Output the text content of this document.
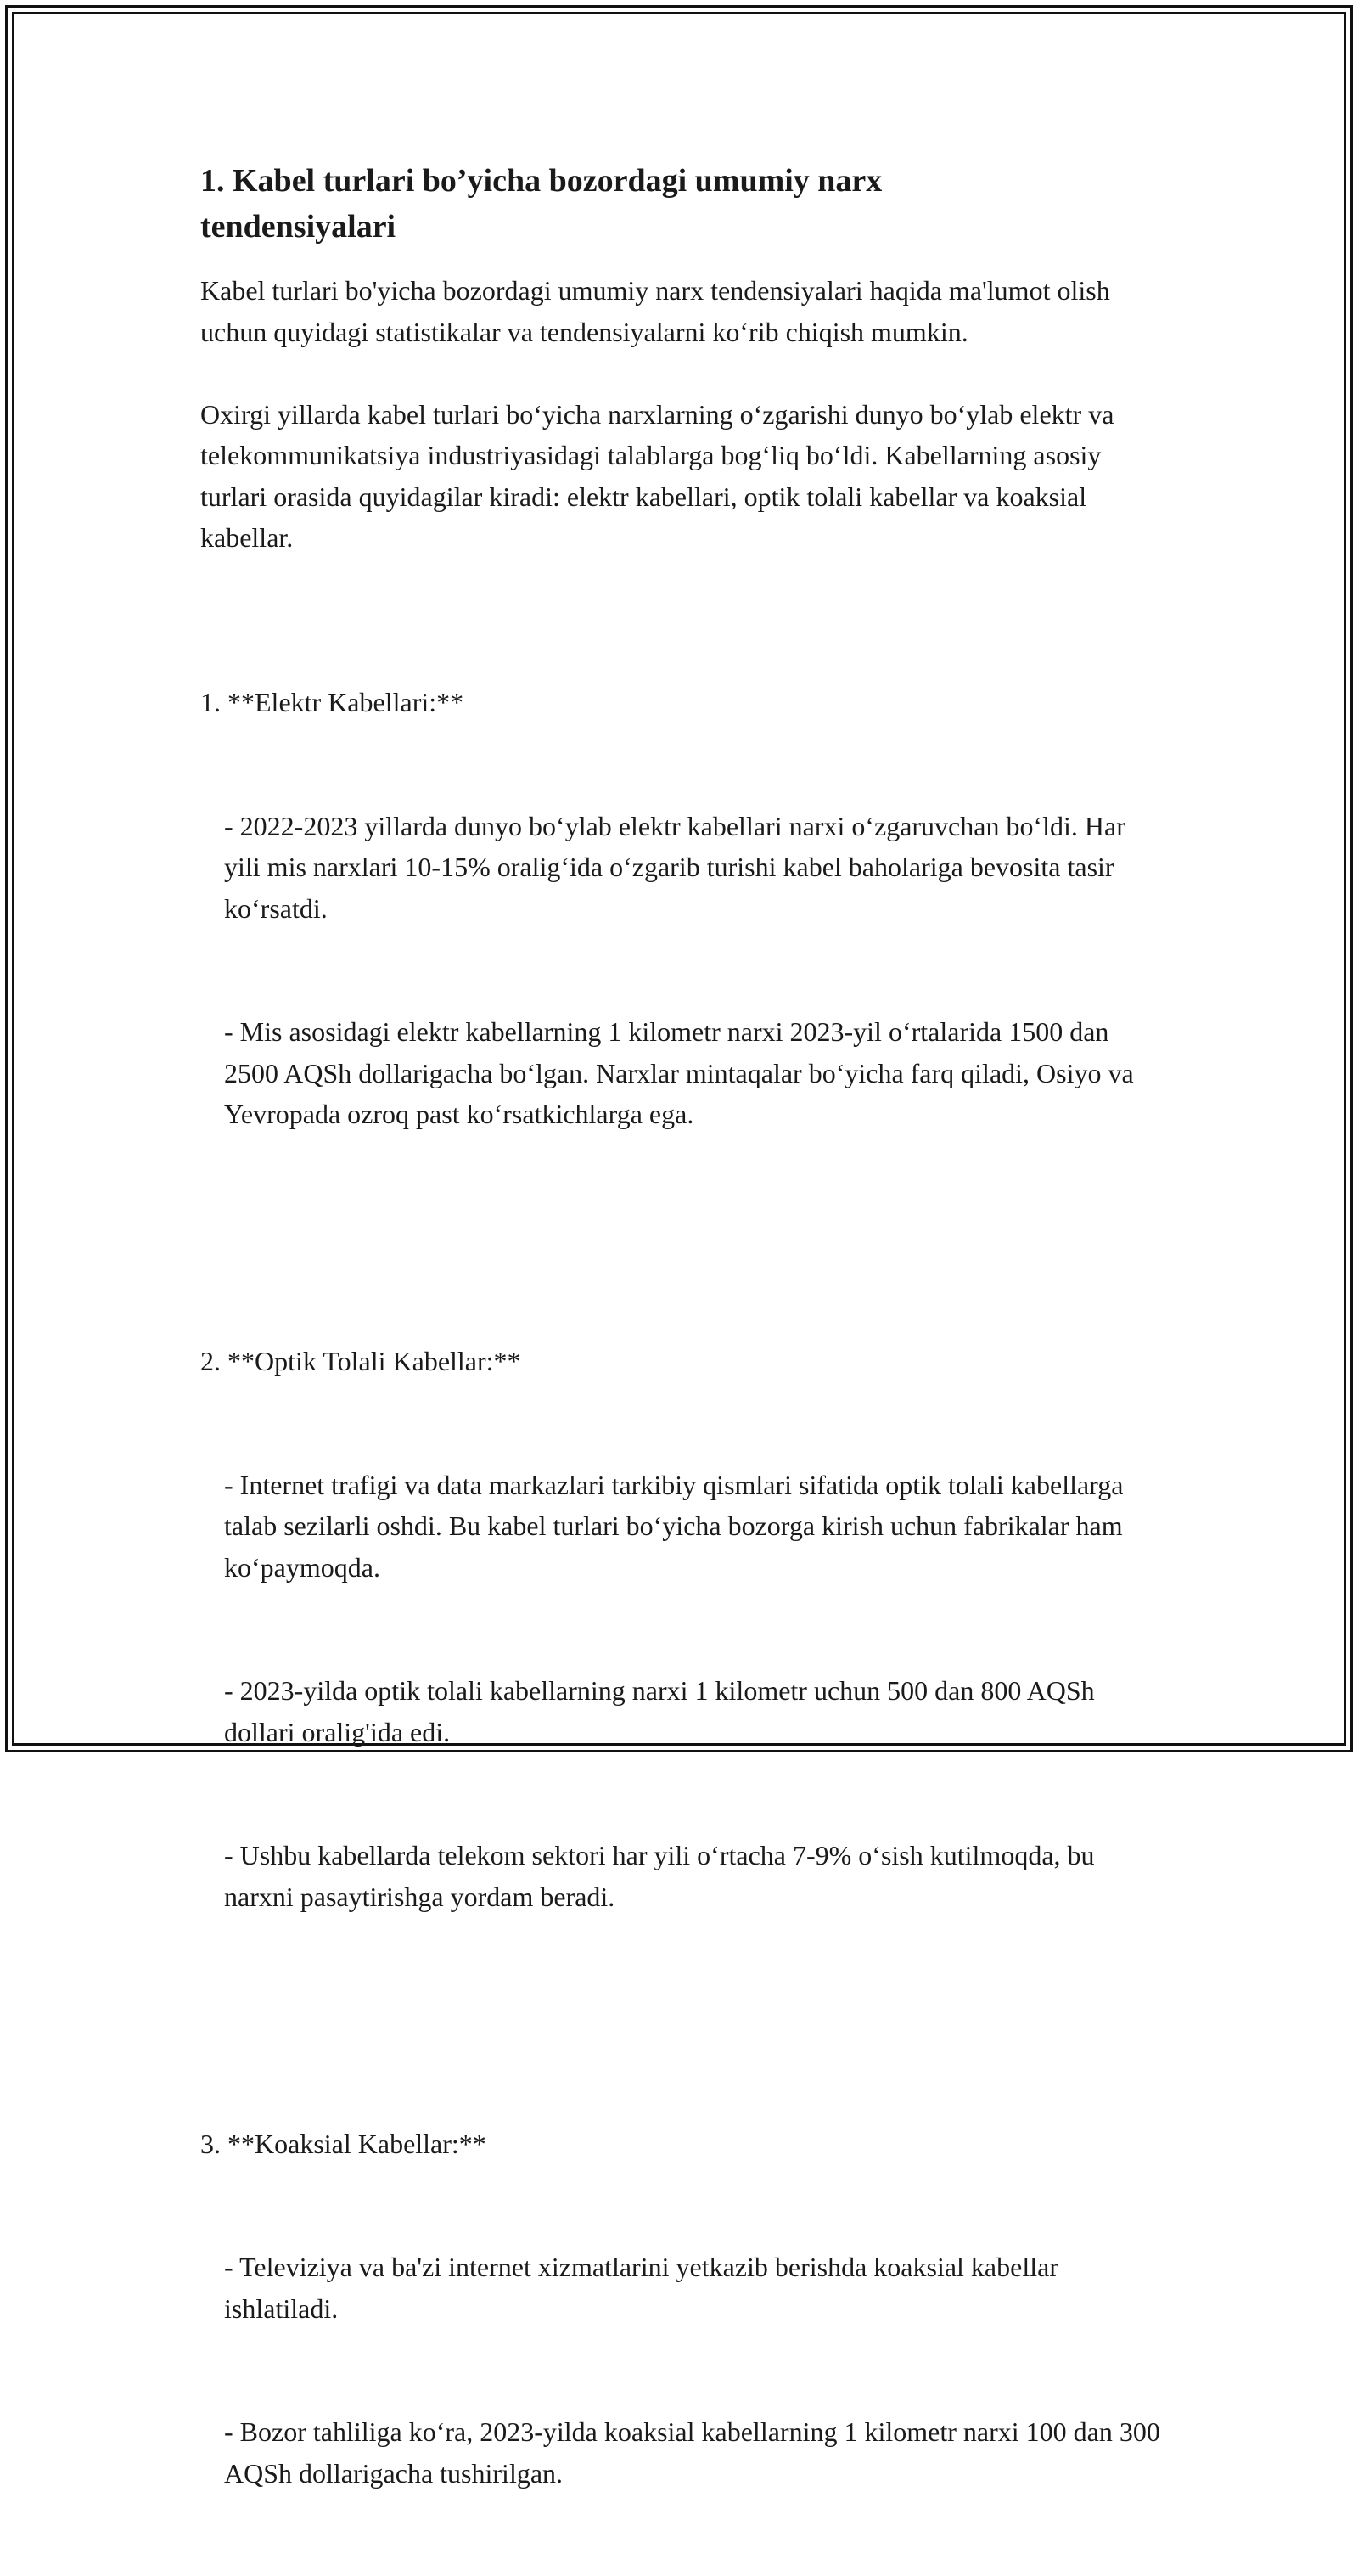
1. Kabel turlari bo’yicha bozordagi umumiy narx tendensiyalari

Kabel turlari bo'yicha bozordagi umumiy narx tendensiyalari haqida ma'lumot olish uchun quyidagi statistikalar va tendensiyalarni ko‘rib chiqish mumkin.

Oxirgi yillarda kabel turlari bo‘yicha narxlarning o‘zgarishi dunyo bo‘ylab elektr va telekommunikatsiya industriyasidagi talablarga bog‘liq bo‘ldi. Kabellarning asosiy turlari orasida quyidagilar kiradi: elektr kabellari, optik tolali kabellar va koaksial kabellar.

1. **Elektr Kabellari:**

- 2022-2023 yillarda dunyo bo‘ylab elektr kabellari narxi o‘zgaruvchan bo‘ldi. Har yili mis narxlari 10-15% oralig‘ida o‘zgarib turishi kabel baholariga bevosita tasir ko‘rsatdi.

- Mis asosidagi elektr kabellarning 1 kilometr narxi 2023-yil o‘rtalarida 1500 dan 2500 AQSh dollarigacha bo‘lgan. Narxlar mintaqalar bo‘yicha farq qiladi, Osiyo va Yevropada ozroq past ko‘rsatkichlarga ega.

2. **Optik Tolali Kabellar:**

- Internet trafigi va data markazlari tarkibiy qismlari sifatida optik tolali kabellarga talab sezilarli oshdi. Bu kabel turlari bo‘yicha bozorga kirish uchun fabrikalar ham ko‘paymoqda.

- 2023-yilda optik tolali kabellarning narxi 1 kilometr uchun 500 dan 800 AQSh dollari oralig'ida edi.

- Ushbu kabellarda telekom sektori har yili o‘rtacha 7-9% o‘sish kutilmoqda, bu narxni pasaytirishga yordam beradi.

3. **Koaksial Kabellar:**

- Televiziya va ba'zi internet xizmatlarini yetkazib berishda koaksial kabellar ishlatiladi.

- Bozor tahliliga ko‘ra, 2023-yilda koaksial kabellarning 1 kilometr narxi 100 dan 300 AQSh dollarigacha tushirilgan.
